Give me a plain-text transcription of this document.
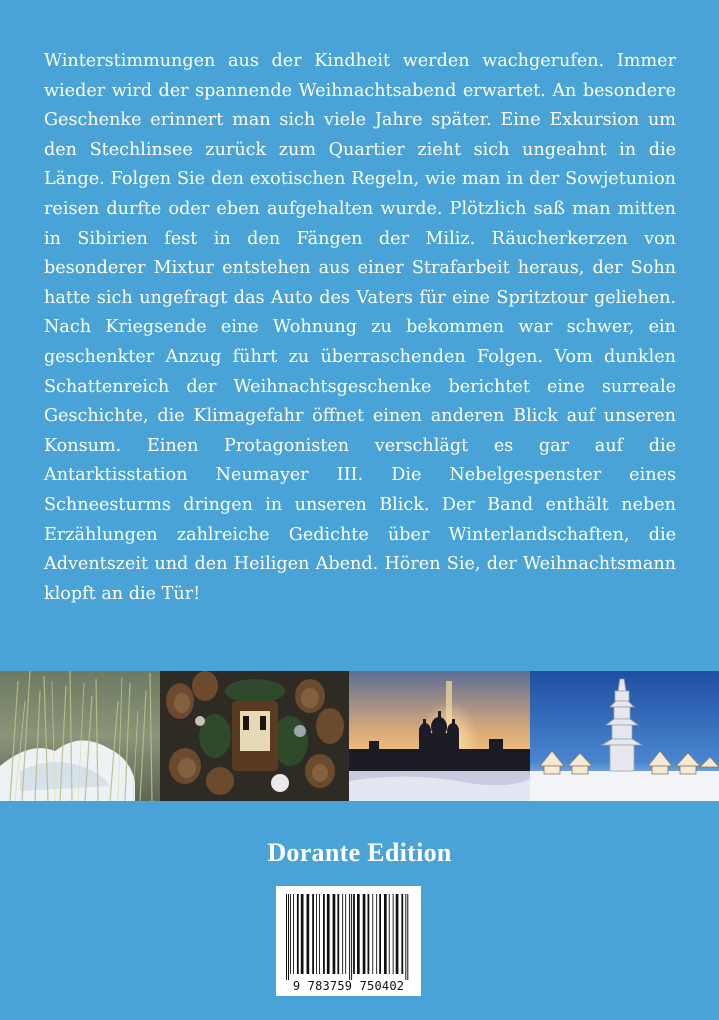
Winterstimmungen aus der Kindheit werden wachgerufen. Immer wieder wird der spannende Weihnachtsabend erwartet. An besondere Geschenke erinnert man sich viele Jahre später. Eine Exkursion um den Stechlinsee zurück zum Quartier zieht sich ungeahnt in die Länge. Folgen Sie den exotischen Regeln, wie man in der Sowjetunion reisen durfte oder eben aufgehalten wurde. Plötzlich saß man mitten in Sibirien fest in den Fängen der Miliz. Räucherkerzen von besonderer Mixtur entstehen aus einer Strafarbeit heraus, der Sohn hatte sich ungefragt das Auto des Vaters für eine Spritztour geliehen. Nach Kriegsende eine Wohnung zu bekommen war schwer, ein geschenkter Anzug führt zu überraschenden Folgen. Vom dunklen Schattenreich der Weihnachtsgeschenke berichtet eine surreale Geschichte, die Klimagefahr öffnet einen anderen Blick auf unseren Konsum. Einen Protagonisten verschlägt es gar auf die Antarktisstation Neumayer III. Die Nebelgespenster eines Schneesturms dringen in unseren Blick. Der Band enthält neben Erzählungen zahlreiche Gedichte über Winterlandschaften, die Adventszeit und den Heiligen Abend. Hören Sie, der Weihnachtsmann klopft an die Tür!

Dorante Edition
9 783759 750402
